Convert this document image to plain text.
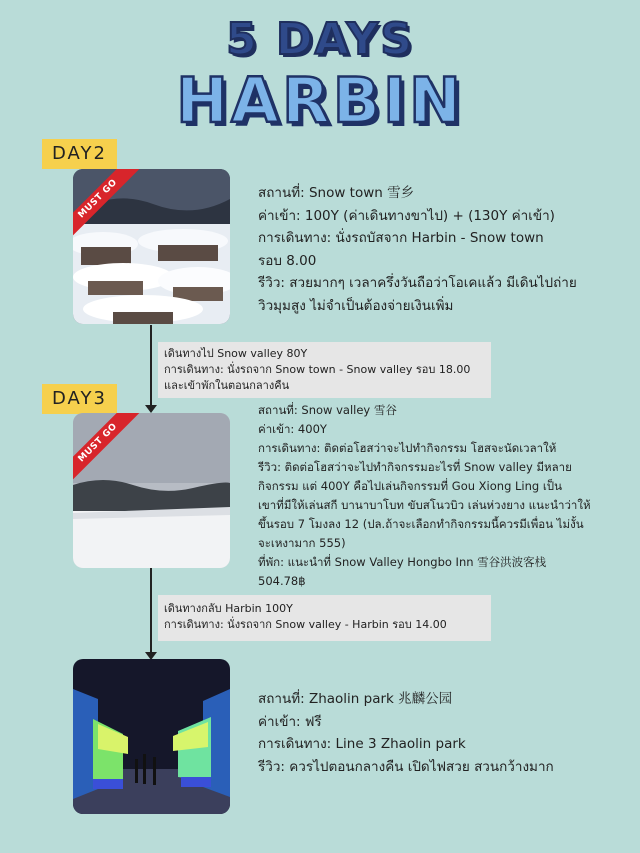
5 DAYS
HARBIN
DAY2
MUST GO	สถานที่: Snow town 雪乡
ค่าเข้า: 100Y (ค่าเดินทางขาไป) + (130Y ค่าเข้า)
การเดินทาง: นั่งรถบัสจาก Harbin - Snow town
รอบ 8.00
รีวิว: สวยมากๆ เวลาครึ่งวันถือว่าโอเคแล้ว มีเดินไปถ่าย
วิวมุมสูง ไม่จำเป็นต้องจ่ายเงินเพิ่ม
เดินทางไป Snow valley 80Y
การเดินทาง: นั่งรถจาก Snow town - Snow valley รอบ 18.00
และเข้าพักในตอนกลางคืน
DAY3
MUST GO
สถานที่: Snow valley 雪谷
ค่าเข้า: 400Y
การเดินทาง: ติดต่อโฮสว่าจะไปทำกิจกรรม โฮสจะนัดเวลาให้
รีวิว: ติดต่อโฮสว่าจะไปทำกิจกรรมอะไรที่ Snow valley มีหลาย
กิจกรรม แต่ 400Y คือไปเล่นกิจกรรมที่ Gou Xiong Ling เป็น
เขาที่มีให้เล่นสกี บานาบาโบท ขับสโนวบิว เล่นห่วงยาง แนะนำว่าให้
ขึ้นรอบ 7 โมงลง 12 (ปล.ถ้าจะเลือกทำกิจกรรมนี้ควรมีเพื่อน ไม่งั้น
จะเหงามาก 555)
ที่พัก: แนะนำที่ Snow Valley Hongbo Inn 雪谷洪波客栈
504.78฿
เดินทางกลับ Harbin 100Y
การเดินทาง: นั่งรถจาก Snow valley - Harbin รอบ 14.00
สถานที่: Zhaolin park 兆麟公园
ค่าเข้า: ฟรี
การเดินทาง: Line 3 Zhaolin park
รีวิว: ควรไปตอนกลางคืน เปิดไฟสวย สวนกว้างมาก
